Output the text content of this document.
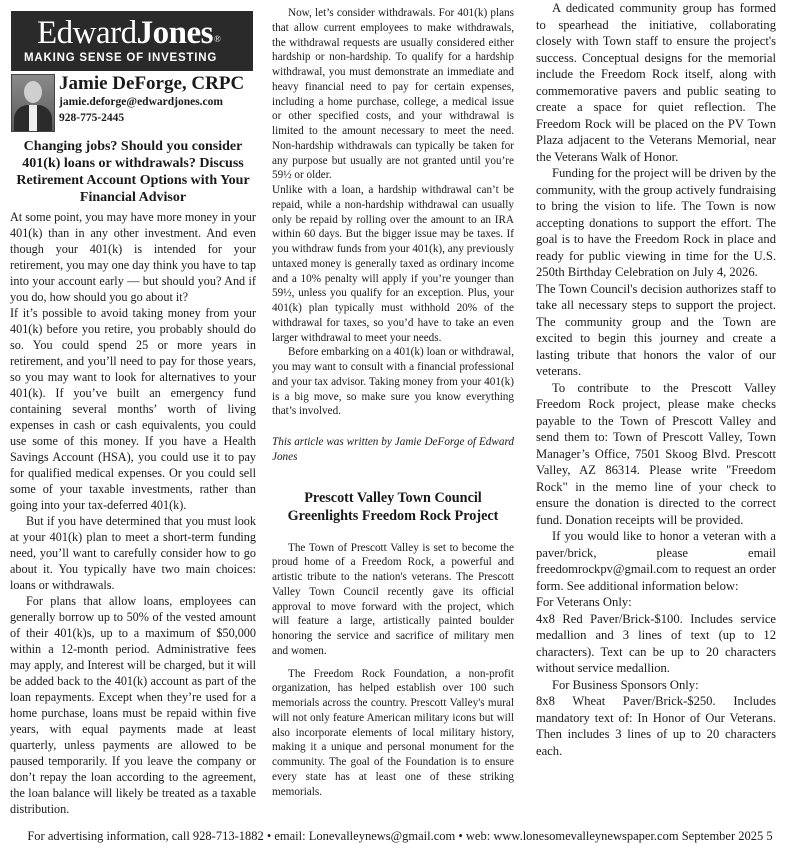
EdwardJones®
MAKING SENSE OF INVESTING
Jamie DeForge, CRPC
jamie.deforge@edwardjones.com
928-775-2445
Changing jobs? Should you consider 401(k) loans or withdrawals? Discuss Retirement Account Options with Your Financial Advisor

At some point, you may have more money in your 401(k) than in any other investment. And even though your 401(k) is intended for your retirement, you may one day think you have to tap into your account early — but should you? And if you do, how should you go about it?

If it’s possible to avoid taking money from your 401(k) before you retire, you probably should do so. You could spend 25 or more years in retirement, and you’ll need to pay for those years, so you may want to look for alternatives to your 401(k). If you’ve built an emergency fund containing several months’ worth of living expenses in cash or cash equivalents, you could use some of this money. If you have a Health Savings Account (HSA), you could use it to pay for qualified medical expenses. Or you could sell some of your taxable investments, rather than going into your tax-deferred 401(k).

But if you have determined that you must look at your 401(k) plan to meet a short-term funding need, you’ll want to carefully consider how to go about it. You typically have two main choices: loans or withdrawals.

For plans that allow loans, employees can generally borrow up to 50% of the vested amount of their 401(k)s, up to a maximum of $50,000 within a 12-month period. Administrative fees may apply, and Interest will be charged, but it will be added back to the 401(k) account as part of the loan repayments. Except when they’re used for a home purchase, loans must be repaid within five years, with equal payments made at least quarterly, unless payments are allowed to be paused temporarily. If you leave the company or don’t repay the loan according to the agreement, the loan balance will likely be treated as a taxable distribution.

Now, let’s consider withdrawals. For 401(k) plans that allow current employees to make withdrawals, the withdrawal requests are usually considered either hardship or non-hardship. To qualify for a hardship withdrawal, you must demonstrate an immediate and heavy financial need to pay for certain expenses, including a home purchase, college, a medical issue or other specified costs, and your withdrawal is limited to the amount necessary to meet the need. Non-hardship withdrawals can typically be taken for any purpose but usually are not granted until you’re 59½ or older.

Unlike with a loan, a hardship withdrawal can’t be repaid, while a non-hardship withdrawal can usually only be repaid by rolling over the amount to an IRA within 60 days. But the bigger issue may be taxes. If you withdraw funds from your 401(k), any previously untaxed money is generally taxed as ordinary income and a 10% penalty will apply if you’re younger than 59½, unless you qualify for an exception. Plus, your 401(k) plan typically must withhold 20% of the withdrawal for taxes, so you’d have to take an even larger withdrawal to meet your needs.

Before embarking on a 401(k) loan or withdrawal, you may want to consult with a financial professional and your tax advisor. Taking money from your 401(k) is a big move, so make sure you know everything that’s involved.

This article was written by Jamie DeForge of Edward Jones

Prescott Valley Town Council Greenlights Freedom Rock Project

The Town of Prescott Valley is set to become the proud home of a Freedom Rock, a powerful and artistic tribute to the nation's veterans. The Prescott Valley Town Council recently gave its official approval to move forward with the project, which will feature a large, artistically painted boulder honoring the service and sacrifice of military men and women.

The Freedom Rock Foundation, a non-profit organization, has helped establish over 100 such memorials across the country. Prescott Valley's mural will not only feature American military icons but will also incorporate elements of local military history, making it a unique and personal monument for the community. The goal of the Foundation is to ensure every state has at least one of these striking memorials.

A dedicated community group has formed to spearhead the initiative, collaborating closely with Town staff to ensure the project's success. Conceptual designs for the memorial include the Freedom Rock itself, along with commemorative pavers and public seating to create a space for quiet reflection. The Freedom Rock will be placed on the PV Town Plaza adjacent to the Veterans Memorial, near the Veterans Walk of Honor.

Funding for the project will be driven by the community, with the group actively fundraising to bring the vision to life. The Town is now accepting donations to support the effort. The goal is to have the Freedom Rock in place and ready for public viewing in time for the U.S. 250th Birthday Celebration on July 4, 2026.

The Town Council's decision authorizes staff to take all necessary steps to support the project. The community group and the Town are excited to begin this journey and create a lasting tribute that honors the valor of our veterans.

To contribute to the Prescott Valley Freedom Rock project, please make checks payable to the Town of Prescott Valley and send them to: Town of Prescott Valley, Town Manager’s Office, 7501 Skoog Blvd. Prescott Valley, AZ 86314. Please write "Freedom Rock" in the memo line of your check to ensure the donation is directed to the correct fund. Donation receipts will be provided.

If you would like to honor a veteran with a paver/brick, please email freedomrockpv@gmail.com to request an order form. See additional information below:

For Veterans Only:

4x8 Red Paver/Brick-$100. Includes service medallion and 3 lines of text (up to 12 characters). Text can be up to 20 characters without service medallion.

For Business Sponsors Only:

8x8 Wheat Paver/Brick-$250. Includes mandatory text of: In Honor of Our Veterans. Then includes 3 lines of up to 20 characters each.

For advertising information, call 928-713-1882 • email: Lonevalleynews@gmail.com • web: www.lonesomevalleynewspaper.com September 2025 5
